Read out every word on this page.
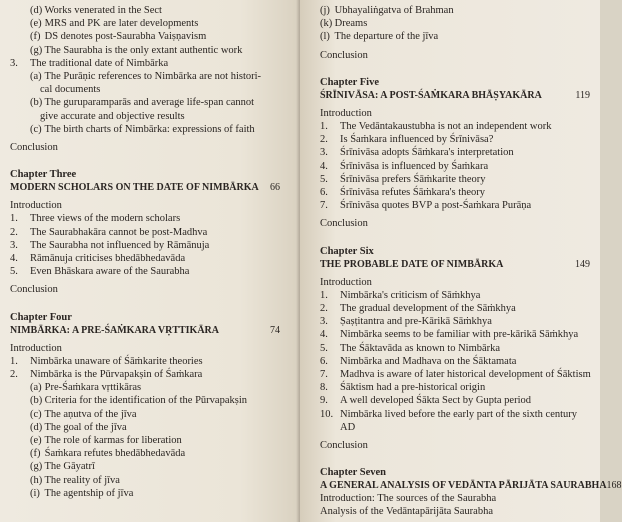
(d) Works venerated in the Sect
(e) MRS and PK are later developments
(f) DS denotes post-Saurabha Vaiṣṇavism
(g) The Saurabha is the only extant authentic work
3. The traditional date of Nimbārka
(a) The Purāṇic references to Nimbārka are not histori-
cal documents
(b) The guruparamparās and average life-span cannot
give accurate and objective results
(c) The birth charts of Nimbārka: expressions of faith
Conclusion
Chapter Three
MODERN SCHOLARS ON THE DATE OF NIMBĀRKA 66
Introduction
1. Three views of the modern scholars
2. The Saurabhakāra cannot be post-Madhva
3. The Saurabha not influenced by Rāmānuja
4. Rāmānuja criticises bhedābhedavāda
5. Even Bhāskara aware of the Saurabha
Conclusion
Chapter Four
NIMBĀRKA: A PRE-ŚAṀKARA VṚTTIKĀRA	74
Introduction
1. Nimbārka unaware of Śāṁkarite theories
2. Nimbārka is the Pūrvapakṣin of Śaṁkara
(a) Pre-Śaṁkara vṛttikāras
(b) Criteria for the identification of the Pūrvapakṣin
(c) The aṇutva of the jīva
(d) The goal of the jīva
(e) The role of karmas for liberation
(f) Śaṁkara refutes bhedābhedavāda
(g) The Gāyatrī
(h) The reality of jīva
(i) The agentship of jīva
(j) Ubhayaliṅgatva of Brahman
(k) Dreams
(l) The departure of the jīva
Conclusion
Chapter Five
ŚRĪNIVĀSA: A POST-ŚAṀKARA BHĀṢYAKĀRA	119
Introduction
1. The Vedāntakaustubha is not an independent work
2. Is Śaṁkara influenced by Śrīnivāsa?
3. Śrīnivāsa adopts Śāṁkara's interpretation
4. Śrīnivāsa is influenced by Śaṁkara
5. Śrīnivāsa prefers Śāṁkarite theory
6. Śrīnivāsa refutes Śāṁkara's theory
7. Śrīnivāsa quotes BVP a post-Śaṁkara Purāṇa
Conclusion
Chapter Six
THE PROBABLE DATE OF NIMBĀRKA	149
Introduction
1. Nimbārka's criticism of Sāṁkhya
2. The gradual development of the Sāṁkhya
3. Ṣaṣṭitantra and pre-Kārikā Sāṁkhya
4. Nimbārka seems to be familiar with pre-kārikā Sāṁkhya
5. The Śāktavāda as known to Nimbārka
6. Nimbārka and Madhava on the Śāktamata
7. Madhva is aware of later historical development of Śāktism
8. Śāktism had a pre-historical origin
9. A well developed Śākta Sect by Gupta period
10. Nimbārka lived before the early part of the sixth century
AD
Conclusion
Chapter Seven
A GENERAL ANALYSIS OF VEDĀNTA PĀRIJĀTA SAURABHA 168
Introduction: The sources of the Saurabha
Analysis of the Vedāntapārijāta Saurabha
